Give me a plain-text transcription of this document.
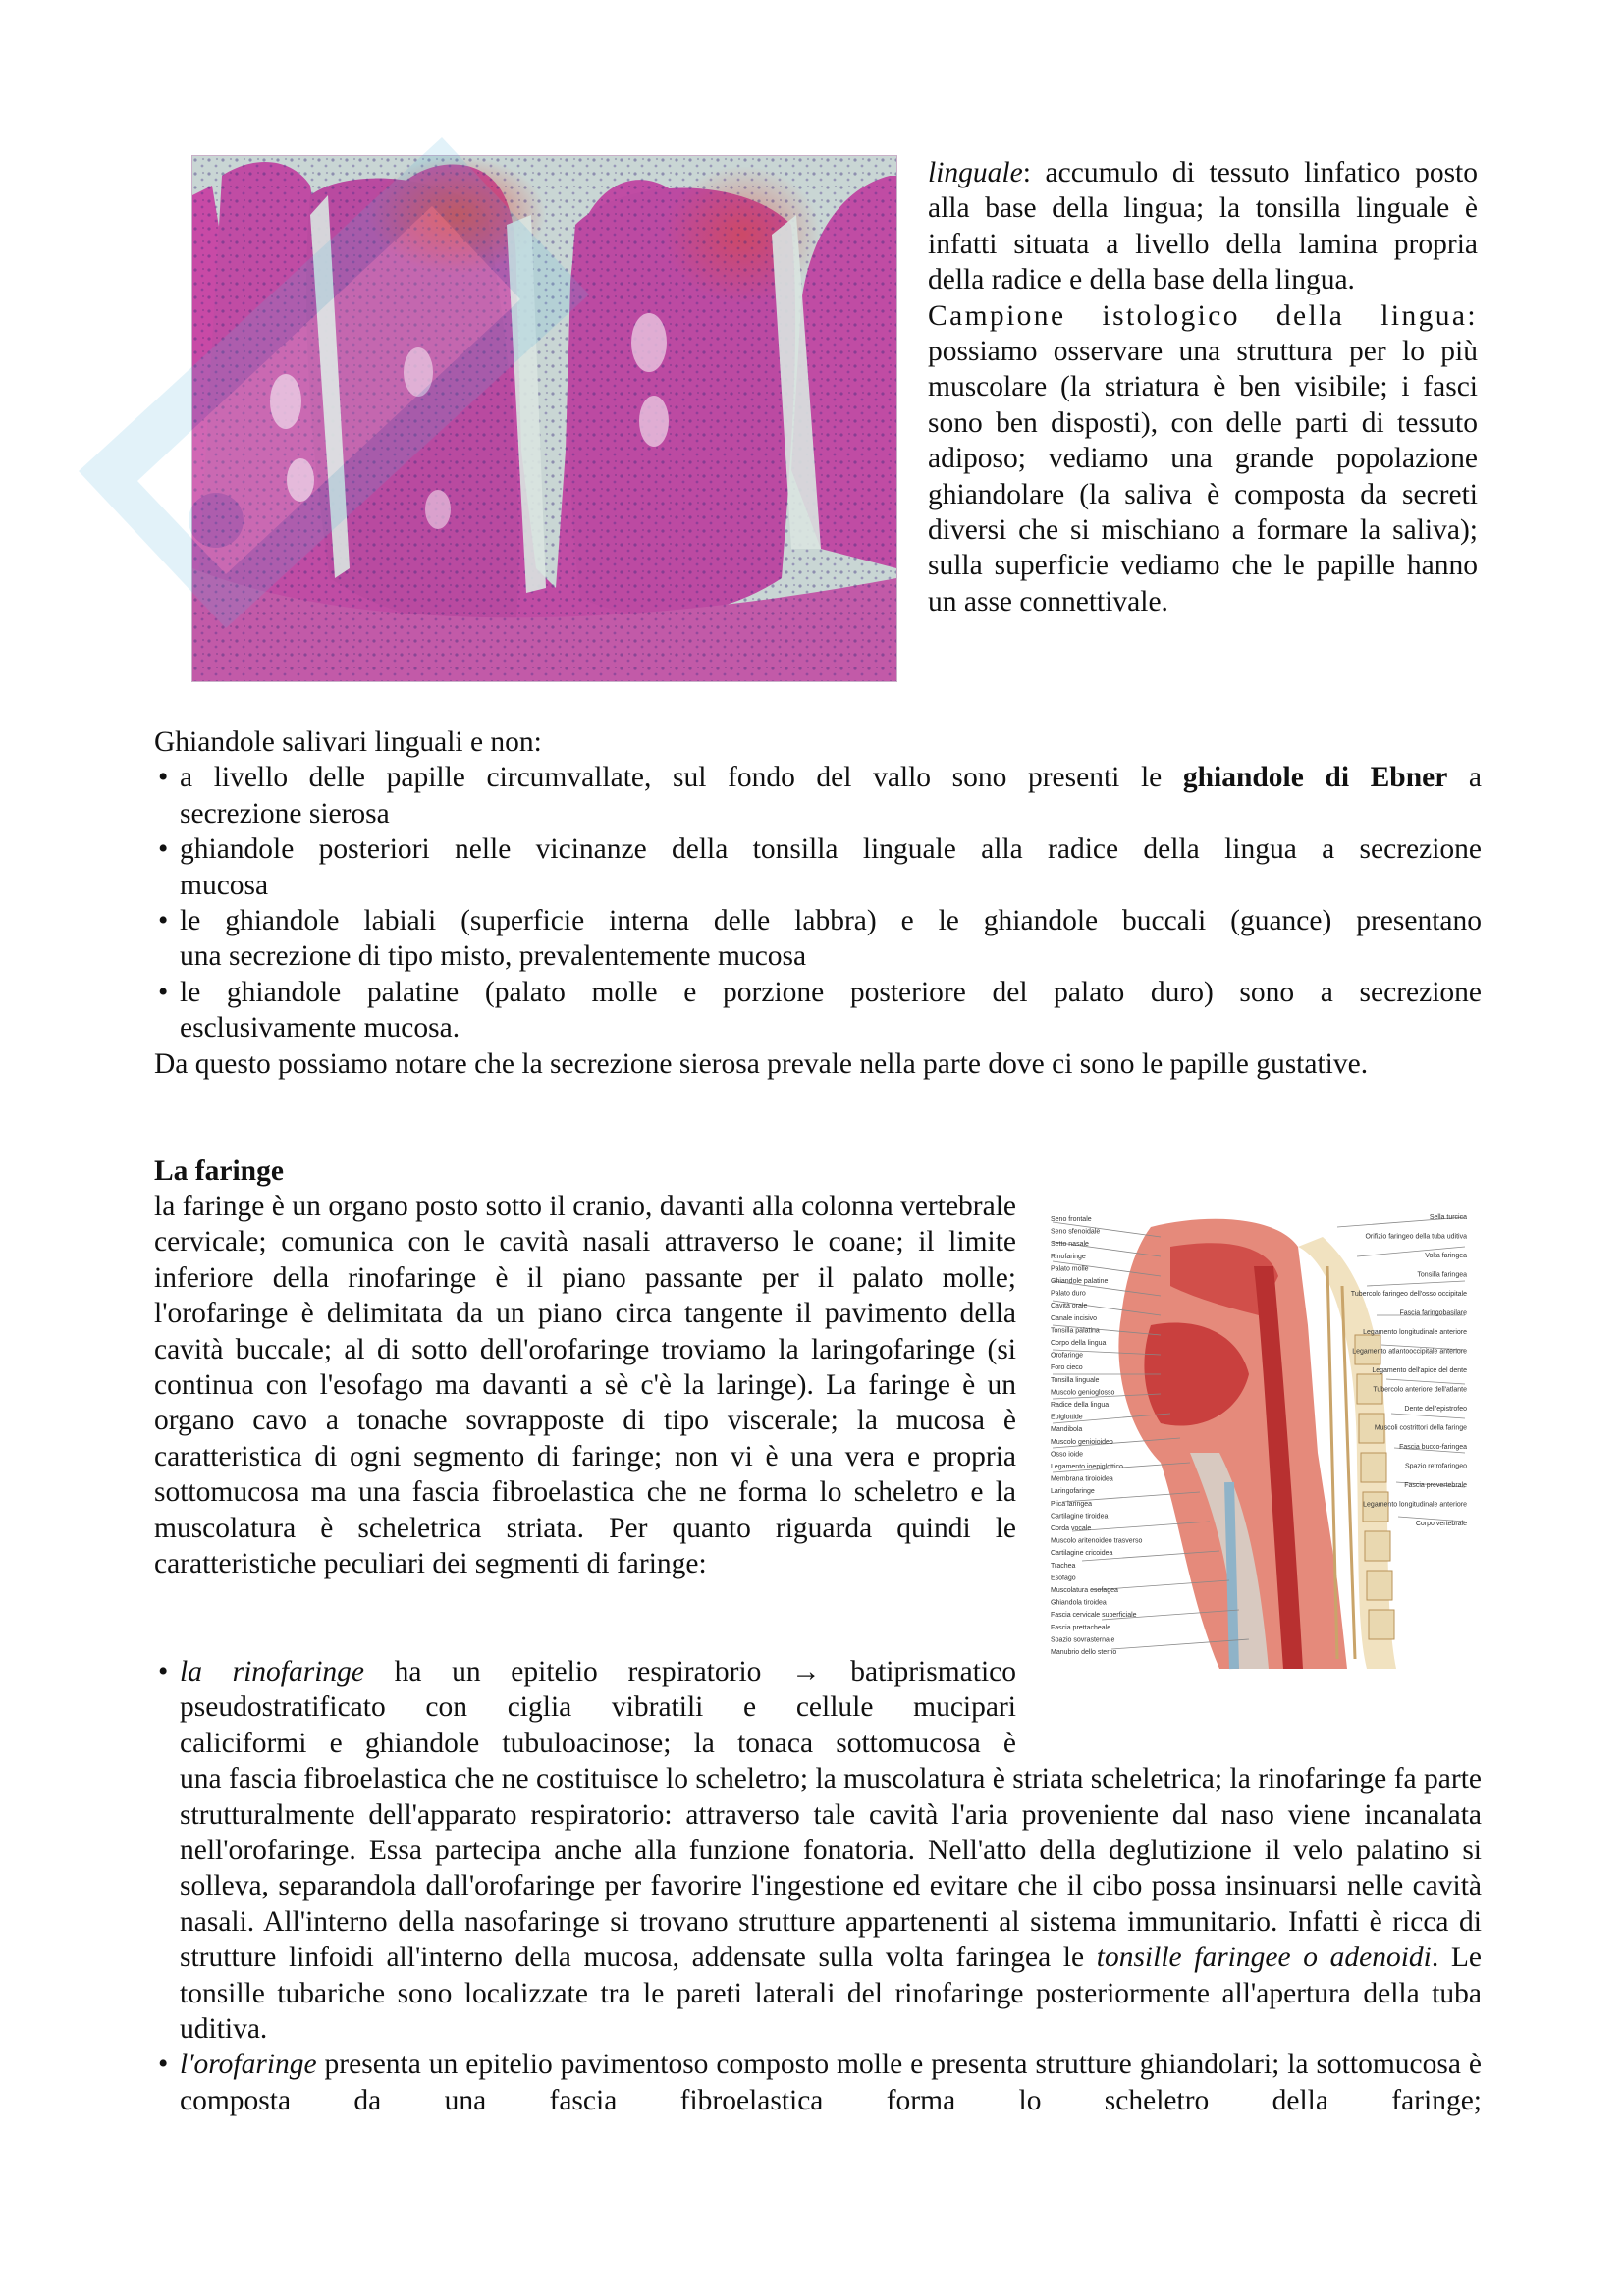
linguale: accumulo di tessuto linfatico posto alla base della lingua; la tonsilla linguale è infatti situata a livello della lamina propria della radice e della base della lingua.

Campione istologico della lingua: possiamo osservare una struttura per lo più muscolare (la striatura è ben visibile; i fasci sono ben disposti), con delle parti di tessuto adiposo; vediamo una grande popolazione ghiandolare (la saliva è composta da secreti diversi che si mischiano a formare la saliva); sulla superficie vediamo che le papille hanno un asse connettivale.

Ghiandole salivari linguali e non:

• a livello delle papille circumvallate, sul fondo del vallo sono presenti le ghiandole di Ebner a
secrezione sierosa
• ghiandole posteriori nelle vicinanze della tonsilla linguale alla radice della lingua a secrezione
mucosa
• le ghiandole labiali (superficie interna delle labbra) e le ghiandole buccali (guance) presentano
una secrezione di tipo misto, prevalentemente mucosa
• le ghiandole palatine (palato molle e porzione posteriore del palato duro) sono a secrezione
esclusivamente mucosa.

Da questo possiamo notare che la secrezione sierosa prevale nella parte dove ci sono le papille gustative.

La faringe

la faringe è un organo posto sotto il cranio, davanti alla colonna vertebrale cervicale; comunica con le cavità nasali attraverso le coane; il limite inferiore della rinofaringe è il piano passante per il palato molle; l'orofaringe è delimitata da un piano circa tangente il pavimento della cavità buccale; al di sotto dell'orofaringe troviamo la laringofaringe (si continua con l'esofago ma davanti a sè c'è la laringe). La faringe è un organo cavo a tonache sovrapposte di tipo viscerale; la mucosa è caratteristica di ogni segmento di faringe; non vi è una vera e propria sottomucosa ma una fascia fibroelastica che ne forma lo scheletro e la muscolatura è scheletrica striata. Per quanto riguarda quindi le caratteristiche peculiari dei segmenti di faringe:

Seno frontale
Seno sfenoidale
Setto nasale
Rinofaringe
Palato molle
Ghiandole palatine
Palato duro
Cavità orale
Canale incisivo
Tonsilla palatina
Corpo della lingua
Orofaringe
Foro cieco
Tonsilla linguale
Muscolo genioglosso
Radice della lingua
Epiglottide
Mandibola
Muscolo genioioideo
Osso ioide
Legamento ioepiglottico
Membrana tiroioidea
Laringofaringe
Plica laringea
Cartilagine tiroidea
Corda vocale
Muscolo aritenoideo trasverso
Cartilagine cricoidea
Trachea
Esofago
Muscolatura esofagea
Ghiandola tiroidea
Fascia cervicale superficiale
Fascia prettacheale
Spazio sovrasternale
Manubrio dello sterno
Sella turcica
Orifizio faringeo della tuba uditiva
Volta faringea
Tonsilla faringea
Tubercolo faringeo dell'osso occipitale
Fascia faringobasilare
Legamento longitudinale anteriore
Legamento atlantooccipitale anteriore
Legamento dell'apice del dente
Tubercolo anteriore dell'atlante
Dente dell'epistrofeo
Muscoli costrittori della faringe
Fascia bucco-faringea
Spazio retrofaringeo
Fascia prevertebrale
Legamento longitudinale anteriore
Corpo vertebrale
• la rinofaringe ha un epitelio respiratorio → batiprismatico
pseudostratificato con ciglia vibratili e cellule mucipari
caliciformi e ghiandole tubuloacinose; la tonaca sottomucosa è
una fascia fibroelastica che ne costituisce lo scheletro; la muscolatura è striata scheletrica; la rinofaringe fa parte strutturalmente dell'apparato respiratorio: attraverso tale cavità l'aria proveniente dal naso viene incanalata nell'orofaringe. Essa partecipa anche alla funzione fonatoria. Nell'atto della deglutizione il velo palatino si solleva, separandola dall'orofaringe per favorire l'ingestione ed evitare che il cibo possa insinuarsi nelle cavità nasali. All'interno della nasofaringe si trovano strutture appartenenti al sistema immunitario. Infatti è ricca di strutture linfoidi all'interno della mucosa, addensate sulla volta faringea le tonsille faringee o adenoidi. Le tonsille tubariche sono localizzate tra le pareti laterali del rinofaringe posteriormente all'apertura della tuba uditiva.
• l'orofaringe presenta un epitelio pavimentoso composto molle e presenta strutture ghiandolari; la sottomucosa è composta da una fascia fibroelastica forma lo scheletro della faringe;
